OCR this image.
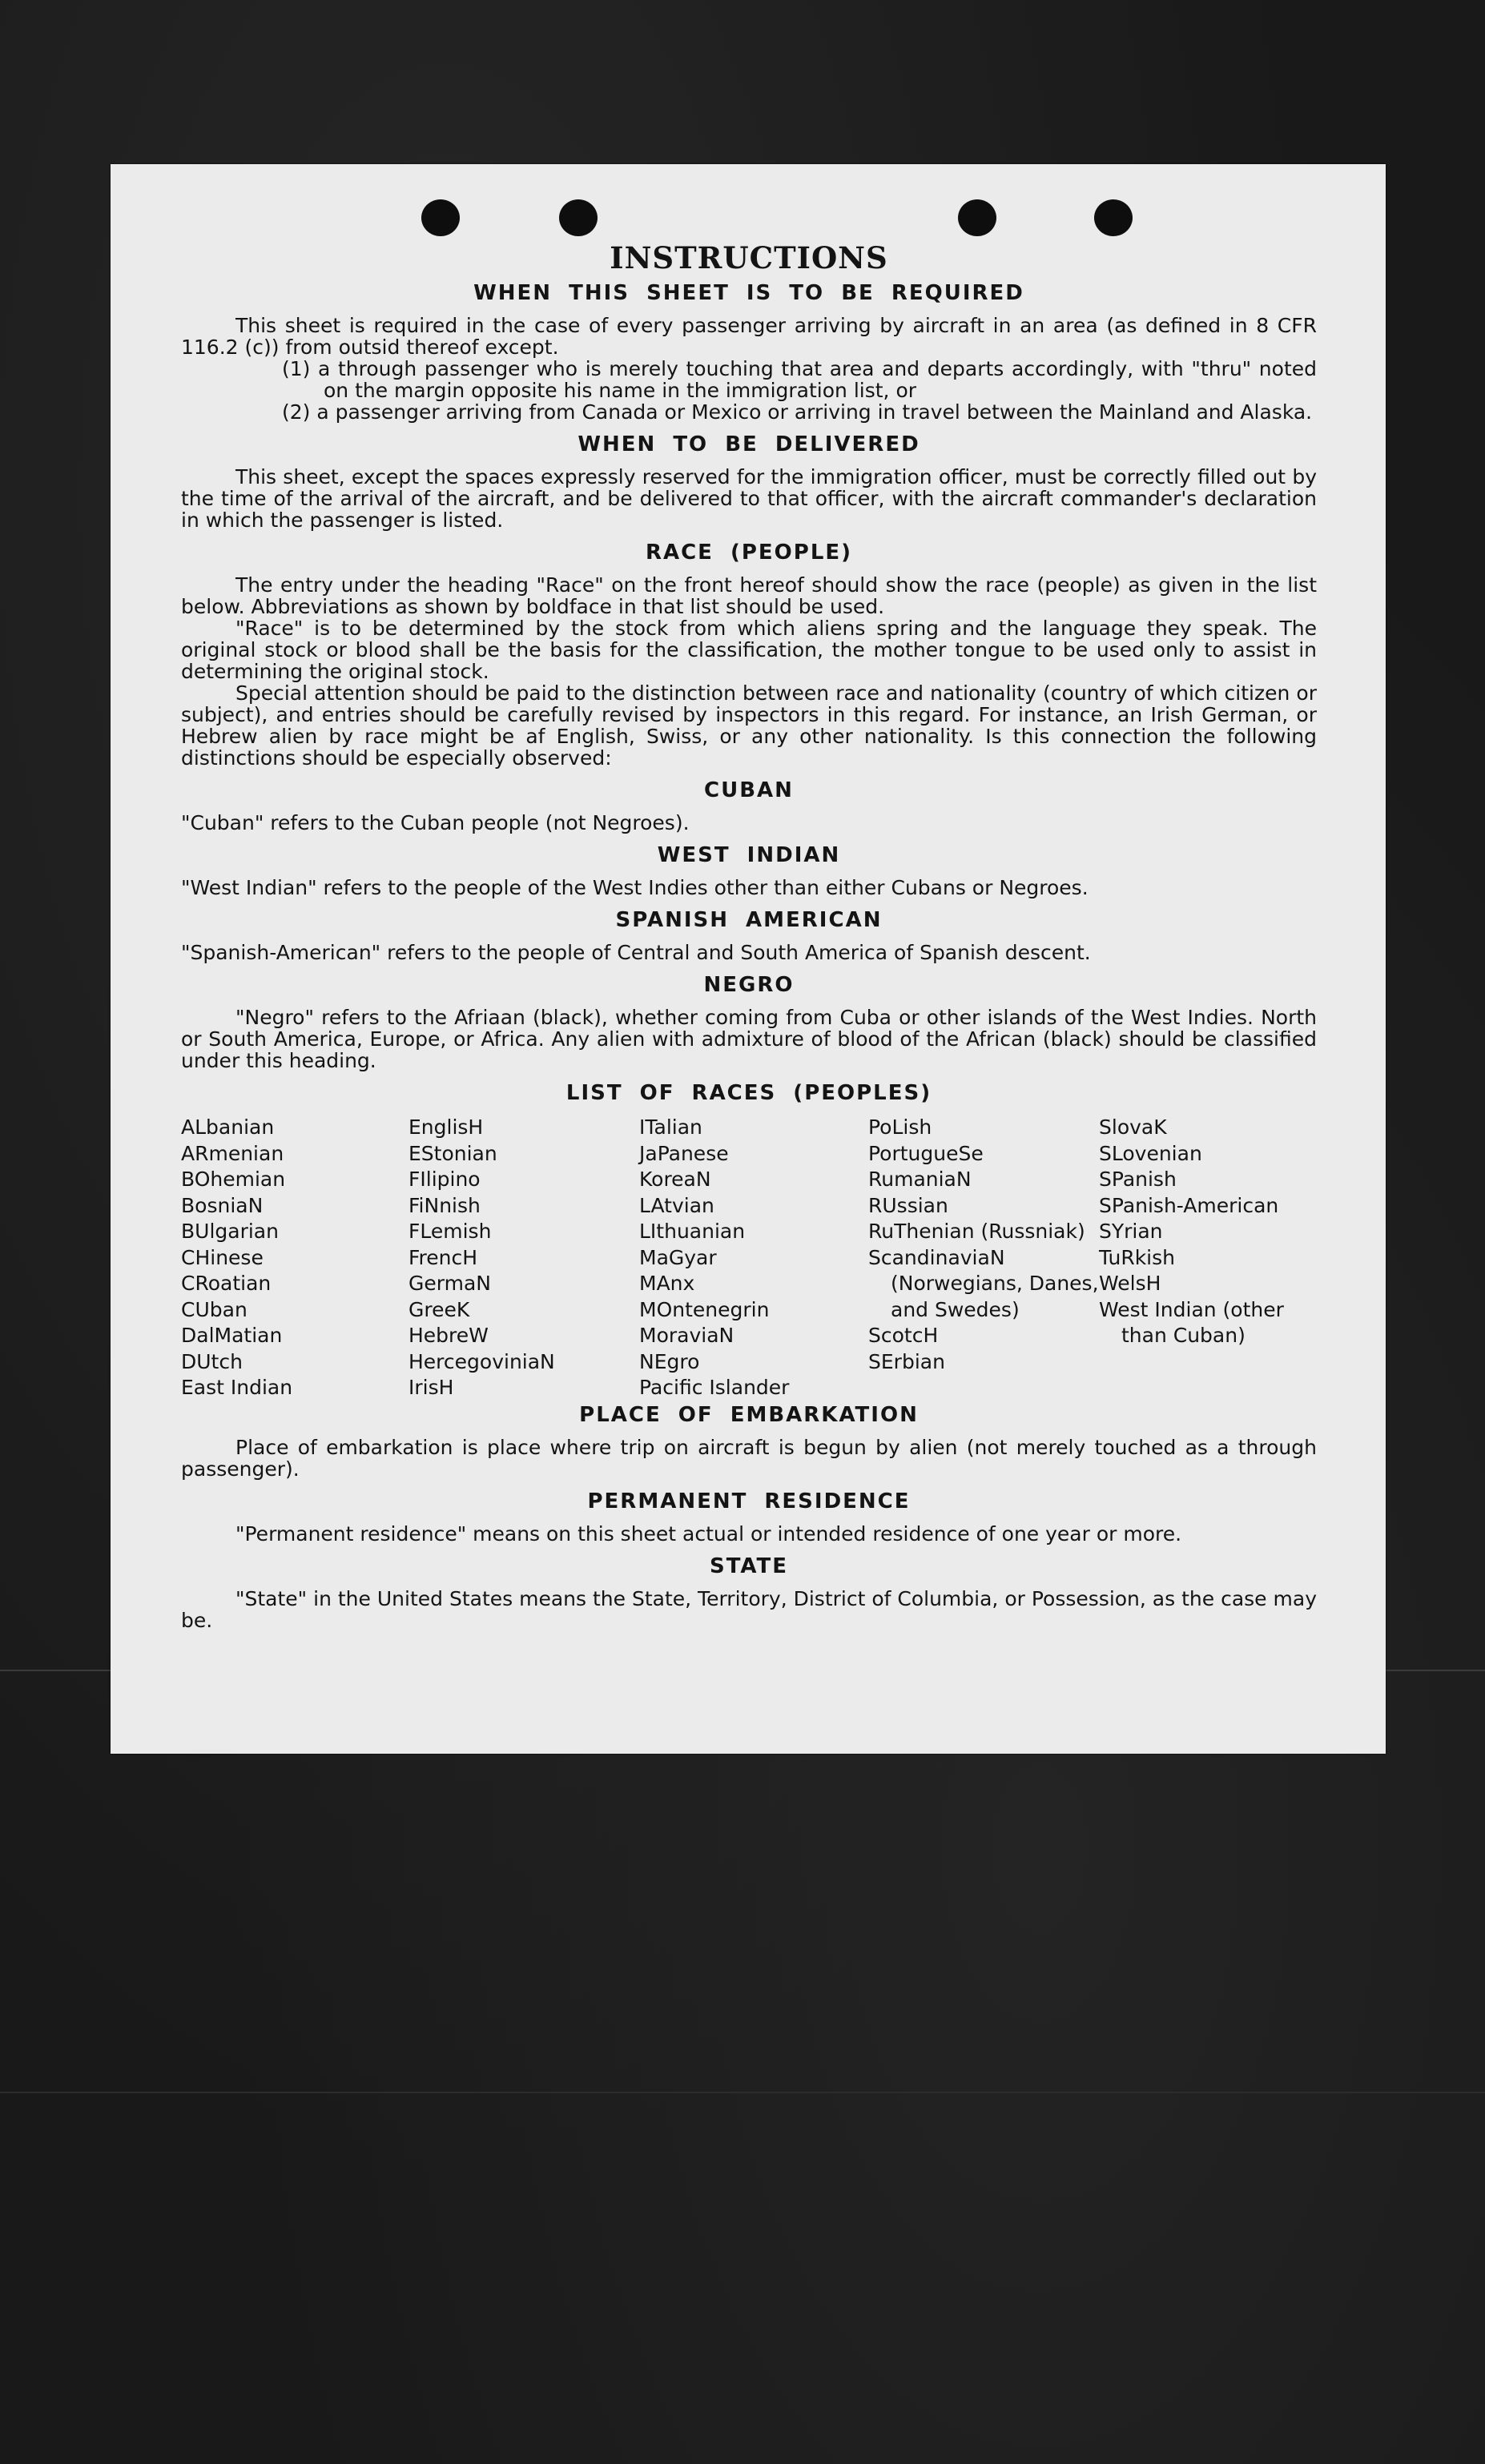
INSTRUCTIONS
WHEN THIS SHEET IS TO BE REQUIRED

This sheet is required in the case of every passenger arriving by aircraft in an area (as defined in 8 CFR 116.2 (c)) from outsid thereof except.

(1) a through passenger who is merely touching that area and departs accordingly, with "thru" noted on the margin opposite his name in the immigration list, or
(2) a passenger arriving from Canada or Mexico or arriving in travel between the Mainland and Alaska.
WHEN TO BE DELIVERED

This sheet, except the spaces expressly reserved for the immigration officer, must be correctly filled out by the time of the arrival of the aircraft, and be delivered to that officer, with the aircraft commander's declaration in which the passenger is listed.

RACE (PEOPLE)

The entry under the heading "Race" on the front hereof should show the race (people) as given in the list below. Abbreviations as shown by boldface in that list should be used.

"Race" is to be determined by the stock from which aliens spring and the language they speak. The original stock or blood shall be the basis for the classification, the mother tongue to be used only to assist in determining the original stock.

Special attention should be paid to the distinction between race and nationality (country of which citizen or subject), and entries should be carefully revised by inspectors in this regard. For instance, an Irish German, or Hebrew alien by race might be af English, Swiss, or any other nationality. Is this connection the following distinctions should be especially observed:

CUBAN

"Cuban" refers to the Cuban people (not Negroes).

WEST INDIAN

"West Indian" refers to the people of the West Indies other than either Cubans or Negroes.

SPANISH AMERICAN

"Spanish-American" refers to the people of Central and South America of Spanish descent.

NEGRO

"Negro" refers to the Afriaan (black), whether coming from Cuba or other islands of the West Indies. North or South America, Europe, or Africa. Any alien with admixture of blood of the African (black) should be classified under this heading.

LIST OF RACES (PEOPLES)
ALbanian
ARmenian
BOhemian
BosniaN
BUlgarian
CHinese
CRoatian
CUban
DalMatian
DUtch
East Indian
EnglisH
EStonian
FIlipino
FiNnish
FLemish
FrencH
GermaN
GreeK
HebreW
HercegoviniaN
IrisH
ITalian
JaPanese
KoreaN
LAtvian
LIthuanian
MaGyar
MAnx
MOntenegrin
MoraviaN
NEgro
Pacific Islander
PoLish
PortugueSe
RumaniaN
RUssian
RuThenian (Russniak)
ScandinaviaN (Norwegians, Danes, and Swedes)
ScotcH
SErbian
SlovaK
SLovenian
SPanish
SPanish-American
SYrian
TuRkish
WelsH
West Indian (other than Cuban)
PLACE OF EMBARKATION

Place of embarkation is place where trip on aircraft is begun by alien (not merely touched as a through passenger).

PERMANENT RESIDENCE

"Permanent residence" means on this sheet actual or intended residence of one year or more.

STATE

"State" in the United States means the State, Territory, District of Columbia, or Possession, as the case may be.
